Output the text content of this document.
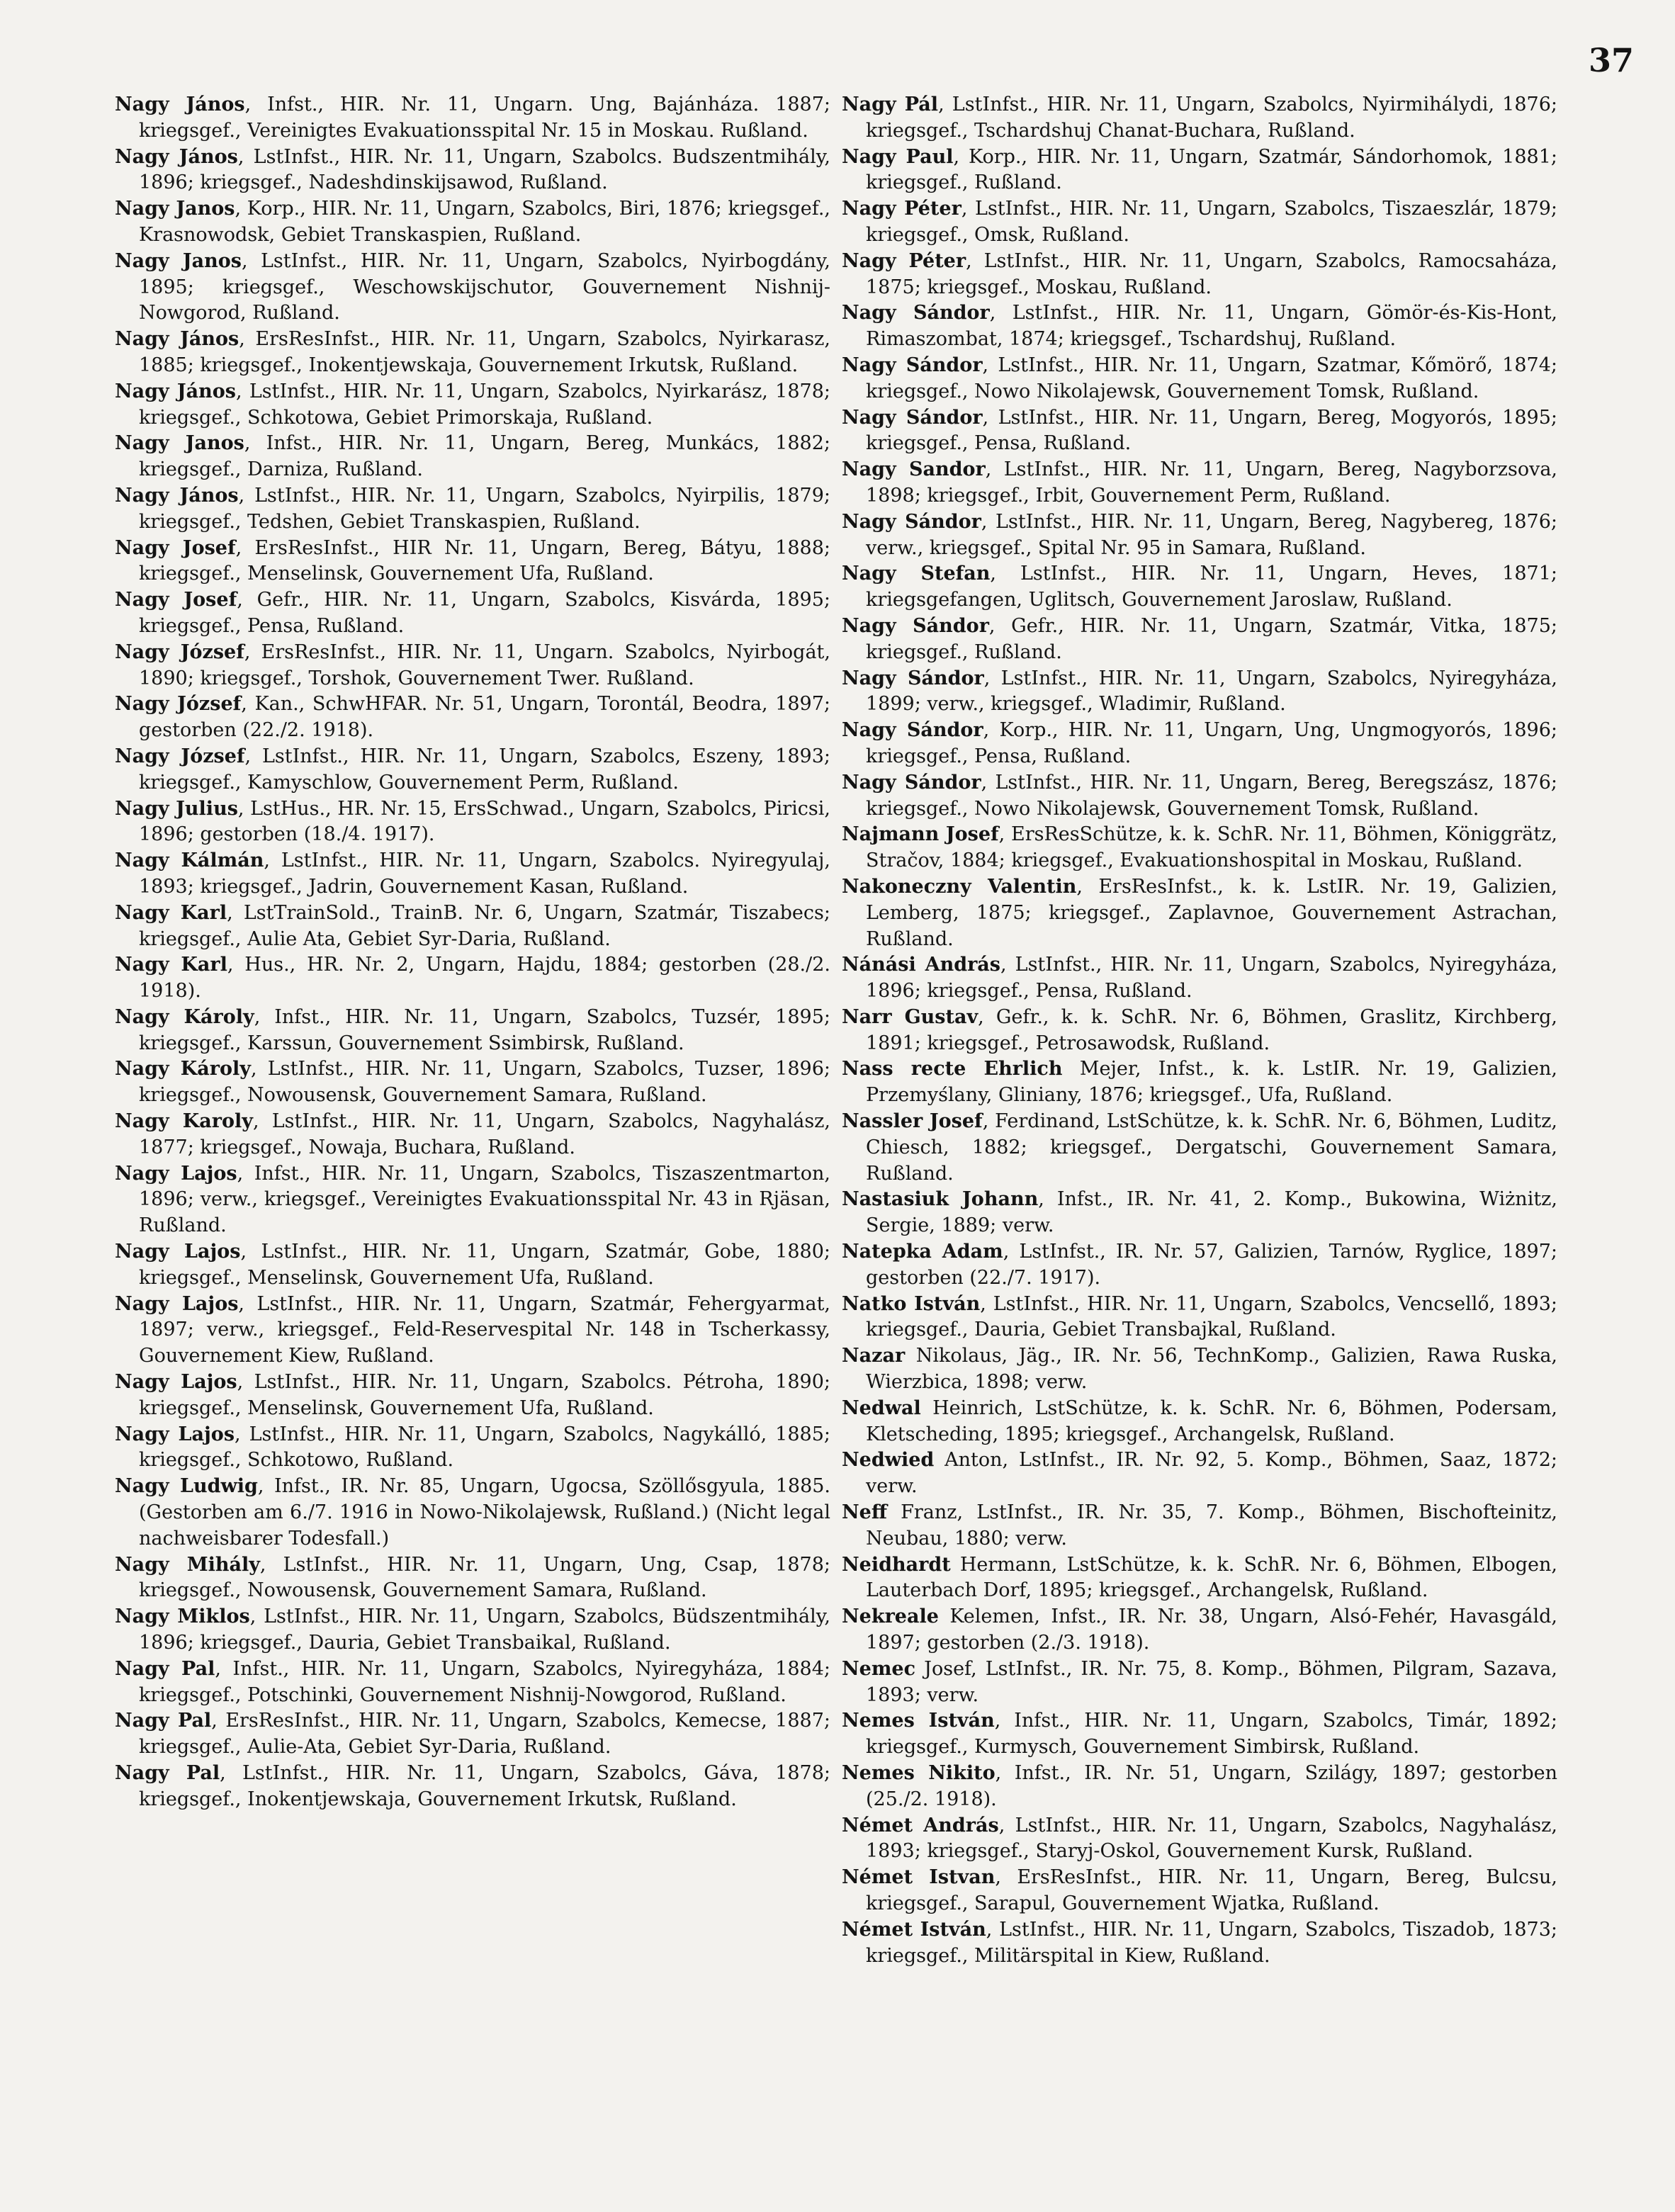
37

Nagy János, Infst., HIR. Nr. 11, Ungarn. Ung, Bajánháza. 1887; kriegsgef., Vereinigtes Evakuationsspital Nr. 15 in Moskau. Rußland.

Nagy János, LstInfst., HIR. Nr. 11, Ungarn, Szabolcs. Budszentmihály, 1896; kriegsgef., Nadeshdinskijsawod, Rußland.

Nagy Janos, Korp., HIR. Nr. 11, Ungarn, Szabolcs, Biri, 1876; kriegsgef., Krasnowodsk, Gebiet Transkaspien, Rußland.

Nagy Janos, LstInfst., HIR. Nr. 11, Ungarn, Szabolcs, Nyirbogdány, 1895; kriegsgef., Weschowskijschutor, Gouvernement Nishnij-Nowgorod, Rußland.

Nagy János, ErsResInfst., HIR. Nr. 11, Ungarn, Szabolcs, Nyirkarasz, 1885; kriegsgef., Inokentjewskaja, Gouvernement Irkutsk, Rußland.

Nagy János, LstInfst., HIR. Nr. 11, Ungarn, Szabolcs, Nyirkarász, 1878; kriegsgef., Schkotowa, Gebiet Primorskaja, Rußland.

Nagy Janos, Infst., HIR. Nr. 11, Ungarn, Bereg, Munkács, 1882; kriegsgef., Darniza, Rußland.

Nagy János, LstInfst., HIR. Nr. 11, Ungarn, Szabolcs, Nyirpilis, 1879; kriegsgef., Tedshen, Gebiet Transkaspien, Rußland.

Nagy Josef, ErsResInfst., HIR Nr. 11, Ungarn, Bereg, Bátyu, 1888; kriegsgef., Menselinsk, Gouvernement Ufa, Rußland.

Nagy Josef, Gefr., HIR. Nr. 11, Ungarn, Szabolcs, Kisvárda, 1895; kriegsgef., Pensa, Rußland.

Nagy József, ErsResInfst., HIR. Nr. 11, Ungarn. Szabolcs, Nyirbogát, 1890; kriegsgef., Torshok, Gouvernement Twer. Rußland.

Nagy József, Kan., SchwHFAR. Nr. 51, Ungarn, Torontál, Beodra, 1897; gestorben (22./2. 1918).

Nagy József, LstInfst., HIR. Nr. 11, Ungarn, Szabolcs, Eszeny, 1893; kriegsgef., Kamyschlow, Gouvernement Perm, Rußland.

Nagy Julius, LstHus., HR. Nr. 15, ErsSchwad., Ungarn, Szabolcs, Piricsi, 1896; gestorben (18./4. 1917).

Nagy Kálmán, LstInfst., HIR. Nr. 11, Ungarn, Szabolcs. Nyiregyulaj, 1893; kriegsgef., Jadrin, Gouvernement Kasan, Rußland.

Nagy Karl, LstTrainSold., TrainB. Nr. 6, Ungarn, Szatmár, Tiszabecs; kriegsgef., Aulie Ata, Gebiet Syr-Daria, Rußland.

Nagy Karl, Hus., HR. Nr. 2, Ungarn, Hajdu, 1884; gestorben (28./2. 1918).

Nagy Károly, Infst., HIR. Nr. 11, Ungarn, Szabolcs, Tuzsér, 1895; kriegsgef., Karssun, Gouvernement Ssimbirsk, Rußland.

Nagy Károly, LstInfst., HIR. Nr. 11, Ungarn, Szabolcs, Tuzser, 1896; kriegsgef., Nowousensk, Gouvernement Samara, Rußland.

Nagy Karoly, LstInfst., HIR. Nr. 11, Ungarn, Szabolcs, Nagyhalász, 1877; kriegsgef., Nowaja, Buchara, Rußland.

Nagy Lajos, Infst., HIR. Nr. 11, Ungarn, Szabolcs, Tiszaszentmarton, 1896; verw., kriegsgef., Vereinigtes Evakuationsspital Nr. 43 in Rjäsan, Rußland.

Nagy Lajos, LstInfst., HIR. Nr. 11, Ungarn, Szatmár, Gobe, 1880; kriegsgef., Menselinsk, Gouvernement Ufa, Rußland.

Nagy Lajos, LstInfst., HIR. Nr. 11, Ungarn, Szatmár, Fehergyarmat, 1897; verw., kriegsgef., Feld-Reservespital Nr. 148 in Tscherkassy, Gouvernement Kiew, Rußland.

Nagy Lajos, LstInfst., HIR. Nr. 11, Ungarn, Szabolcs. Pétroha, 1890; kriegsgef., Menselinsk, Gouvernement Ufa, Rußland.

Nagy Lajos, LstInfst., HIR. Nr. 11, Ungarn, Szabolcs, Nagykálló, 1885; kriegsgef., Schkotowo, Rußland.

Nagy Ludwig, Infst., IR. Nr. 85, Ungarn, Ugocsa, Szöllősgyula, 1885. (Gestorben am 6./7. 1916 in Nowo-Nikolajewsk, Rußland.) (Nicht legal nachweisbarer Todesfall.)

Nagy Mihály, LstInfst., HIR. Nr. 11, Ungarn, Ung, Csap, 1878; kriegsgef., Nowousensk, Gouvernement Samara, Rußland.

Nagy Miklos, LstInfst., HIR. Nr. 11, Ungarn, Szabolcs, Büdszentmihály, 1896; kriegsgef., Dauria, Gebiet Transbaikal, Rußland.

Nagy Pal, Infst., HIR. Nr. 11, Ungarn, Szabolcs, Nyiregyháza, 1884; kriegsgef., Potschinki, Gouvernement Nishnij-Nowgorod, Rußland.

Nagy Pal, ErsResInfst., HIR. Nr. 11, Ungarn, Szabolcs, Kemecse, 1887; kriegsgef., Aulie-Ata, Gebiet Syr-Daria, Rußland.

Nagy Pal, LstInfst., HIR. Nr. 11, Ungarn, Szabolcs, Gáva, 1878; kriegsgef., Inokentjewskaja, Gouvernement Irkutsk, Rußland.

Nagy Pál, LstInfst., HIR. Nr. 11, Ungarn, Szabolcs, Nyirmihálydi, 1876; kriegsgef., Tschardshuj Chanat-Buchara, Rußland.

Nagy Paul, Korp., HIR. Nr. 11, Ungarn, Szatmár, Sándorhomok, 1881; kriegsgef., Rußland.

Nagy Péter, LstInfst., HIR. Nr. 11, Ungarn, Szabolcs, Tiszaeszlár, 1879; kriegsgef., Omsk, Rußland.

Nagy Péter, LstInfst., HIR. Nr. 11, Ungarn, Szabolcs, Ramocsaháza, 1875; kriegsgef., Moskau, Rußland.

Nagy Sándor, LstInfst., HIR. Nr. 11, Ungarn, Gömör-és-Kis-Hont, Rimaszombat, 1874; kriegsgef., Tschardshuj, Rußland.

Nagy Sándor, LstInfst., HIR. Nr. 11, Ungarn, Szatmar, Kőmörő, 1874; kriegsgef., Nowo Nikolajewsk, Gouvernement Tomsk, Rußland.

Nagy Sándor, LstInfst., HIR. Nr. 11, Ungarn, Bereg, Mogyorós, 1895; kriegsgef., Pensa, Rußland.

Nagy Sandor, LstInfst., HIR. Nr. 11, Ungarn, Bereg, Nagyborzsova, 1898; kriegsgef., Irbit, Gouvernement Perm, Rußland.

Nagy Sándor, LstInfst., HIR. Nr. 11, Ungarn, Bereg, Nagybereg, 1876; verw., kriegsgef., Spital Nr. 95 in Samara, Rußland.

Nagy Stefan, LstInfst., HIR. Nr. 11, Ungarn, Heves, 1871; kriegsgefangen, Uglitsch, Gouvernement Jaroslaw, Rußland.

Nagy Sándor, Gefr., HIR. Nr. 11, Ungarn, Szatmár, Vitka, 1875; kriegsgef., Rußland.

Nagy Sándor, LstInfst., HIR. Nr. 11, Ungarn, Szabolcs, Nyiregyháza, 1899; verw., kriegsgef., Wladimir, Rußland.

Nagy Sándor, Korp., HIR. Nr. 11, Ungarn, Ung, Ungmogyorós, 1896; kriegsgef., Pensa, Rußland.

Nagy Sándor, LstInfst., HIR. Nr. 11, Ungarn, Bereg, Beregszász, 1876; kriegsgef., Nowo Nikolajewsk, Gouvernement Tomsk, Rußland.

Najmann Josef, ErsResSchütze, k. k. SchR. Nr. 11, Böhmen, Königgrätz, Stračov, 1884; kriegsgef., Evakuationshospital in Moskau, Rußland.

Nakoneczny Valentin, ErsResInfst., k. k. LstIR. Nr. 19, Galizien, Lemberg, 1875; kriegsgef., Zaplavnoe, Gouvernement Astrachan, Rußland.

Nánási András, LstInfst., HIR. Nr. 11, Ungarn, Szabolcs, Nyiregyháza, 1896; kriegsgef., Pensa, Rußland.

Narr Gustav, Gefr., k. k. SchR. Nr. 6, Böhmen, Graslitz, Kirchberg, 1891; kriegsgef., Petrosawodsk, Rußland.

Nass recte Ehrlich Mejer, Infst., k. k. LstIR. Nr. 19, Galizien, Przemyślany, Gliniany, 1876; kriegsgef., Ufa, Rußland.

Nassler Josef, Ferdinand, LstSchütze, k. k. SchR. Nr. 6, Böhmen, Luditz, Chiesch, 1882; kriegsgef., Dergatschi, Gouvernement Samara, Rußland.

Nastasiuk Johann, Infst., IR. Nr. 41, 2. Komp., Bukowina, Wiżnitz, Sergie, 1889; verw.

Natepka Adam, LstInfst., IR. Nr. 57, Galizien, Tarnów, Ryglice, 1897; gestorben (22./7. 1917).

Natko István, LstInfst., HIR. Nr. 11, Ungarn, Szabolcs, Vencsellő, 1893; kriegsgef., Dauria, Gebiet Transbajkal, Rußland.

Nazar Nikolaus, Jäg., IR. Nr. 56, TechnKomp., Galizien, Rawa Ruska, Wierzbica, 1898; verw.

Nedwal Heinrich, LstSchütze, k. k. SchR. Nr. 6, Böhmen, Podersam, Kletscheding, 1895; kriegsgef., Archangelsk, Rußland.

Nedwied Anton, LstInfst., IR. Nr. 92, 5. Komp., Böhmen, Saaz, 1872; verw.

Neff Franz, LstInfst., IR. Nr. 35, 7. Komp., Böhmen, Bischofteinitz, Neubau, 1880; verw.

Neidhardt Hermann, LstSchütze, k. k. SchR. Nr. 6, Böhmen, Elbogen, Lauterbach Dorf, 1895; kriegsgef., Archangelsk, Rußland.

Nekreale Kelemen, Infst., IR. Nr. 38, Ungarn, Alsó-Fehér, Havasgáld, 1897; gestorben (2./3. 1918).

Nemec Josef, LstInfst., IR. Nr. 75, 8. Komp., Böhmen, Pilgram, Sazava, 1893; verw.

Nemes István, Infst., HIR. Nr. 11, Ungarn, Szabolcs, Timár, 1892; kriegsgef., Kurmysch, Gouvernement Simbirsk, Rußland.

Nemes Nikito, Infst., IR. Nr. 51, Ungarn, Szilágy, 1897; gestorben (25./2. 1918).

Német András, LstInfst., HIR. Nr. 11, Ungarn, Szabolcs, Nagyhalász, 1893; kriegsgef., Staryj-Oskol, Gouvernement Kursk, Rußland.

Német Istvan, ErsResInfst., HIR. Nr. 11, Ungarn, Bereg, Bulcsu, kriegsgef., Sarapul, Gouvernement Wjatka, Rußland.

Német István, LstInfst., HIR. Nr. 11, Ungarn, Szabolcs, Tiszadob, 1873; kriegsgef., Militärspital in Kiew, Rußland.
